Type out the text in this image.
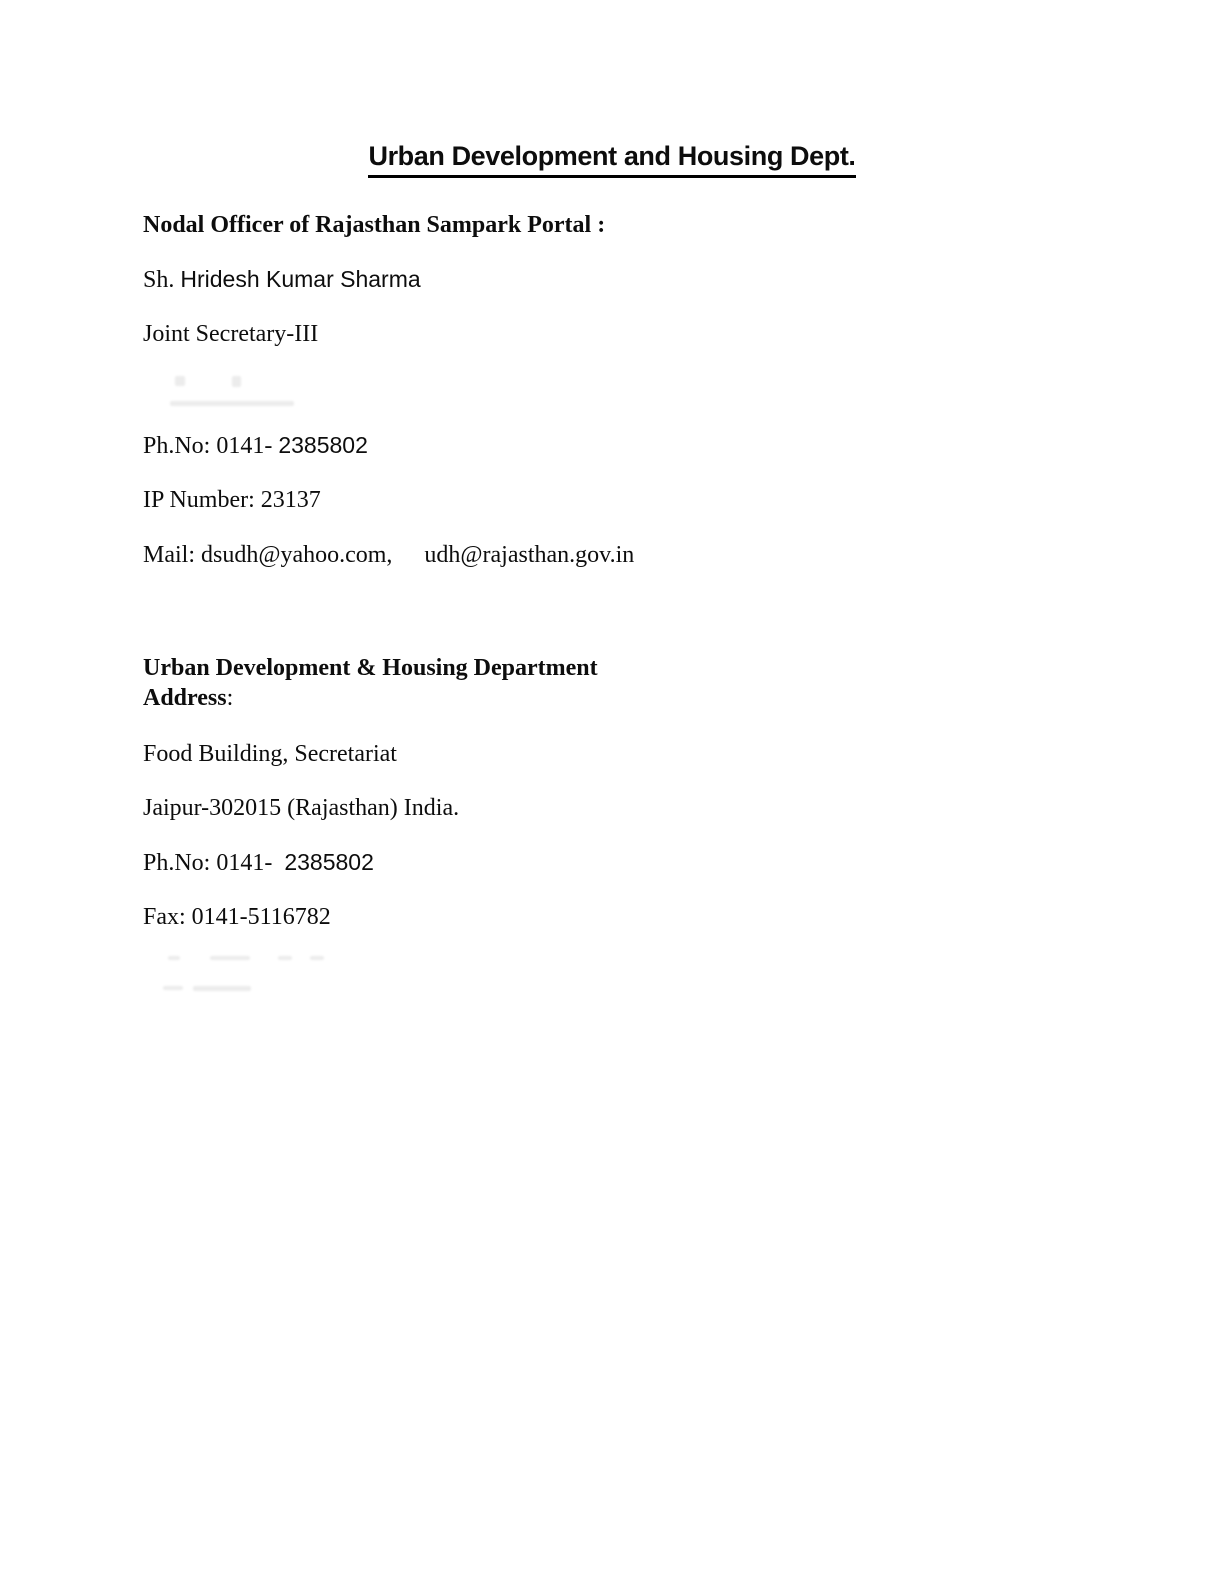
Urban Development and Housing Dept.
Nodal Officer of Rajasthan Sampark Portal :
Sh. Hridesh Kumar Sharma
Joint Secretary-III
Ph.No: 0141- 2385802
IP Number: 23137
Mail: dsudh@yahoo.com, udh@rajasthan.gov.in
Urban Development & Housing Department
Address:
Food Building, Secretariat
Jaipur-302015 (Rajasthan) India.
Ph.No: 0141- 2385802
Fax: 0141-5116782
